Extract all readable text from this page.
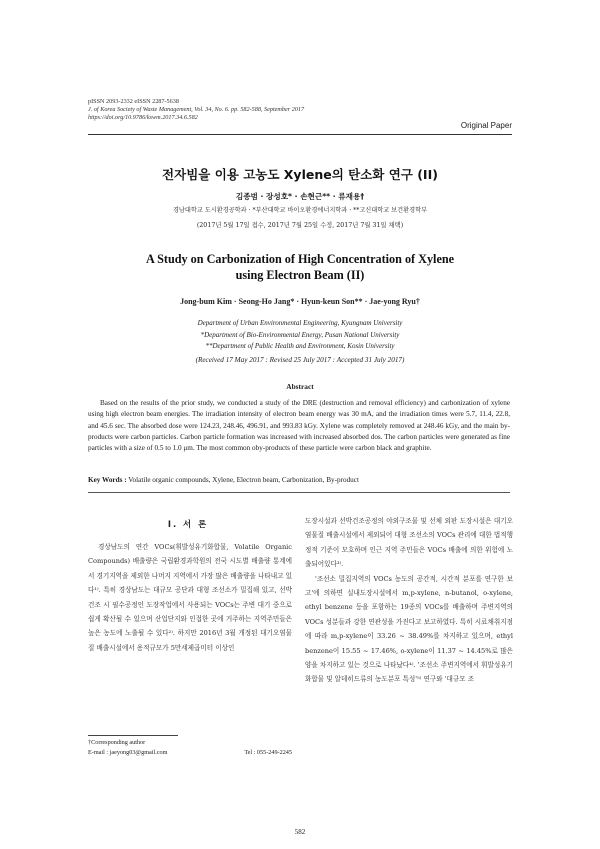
pISSN 2093-2332 eISSN 2287-5638
J. of Korea Society of Waste Management, Vol. 34, No. 6. pp. 582-588, September 2017
https://doi.org/10.9786/kswm.2017.34.6.582
Original Paper
전자빔을 이용 고농도 Xylene의 탄소화 연구 (II)
김종범 · 장성호* · 손현근** · 류재용†
경남대학교 도시환경공학과 · *부산대학교 바이오환경에너지학과 · **고신대학교 보건환경학부
(2017년 5월 17일 접수, 2017년 7월 25일 수정, 2017년 7월 31일 채택)
A Study on Carbonization of High Concentration of Xylene
using Electron Beam (II)
Jong-bum Kim · Seong-Ho Jang* · Hyun-keun Son** · Jae-yong Ryu†
Department of Urban Environmental Engineering, Kyungnam University
*Department of Bio-Environmental Energy, Pusan National University
**Department of Public Health and Environment, Kosin University
(Received 17 May 2017 : Revised 25 July 2017 : Accepted 31 July 2017)
Abstract
Based on the results of the prior study, we conducted a study of the DRE (destruction and removal efficiency) and carbonization of xylene using high electron beam energies. The irradiation intensity of electron beam energy was 30 mA, and the irradiation times were 5.7, 11.4, 22.8, and 45.6 sec. The absorbed dose were 124.23, 248.46, 496.91, and 993.83 kGy. Xylene was completely removed at 248.46 kGy, and the main by-products were carbon particles. Carbon particle formation was increased with increased absorbed dos. The carbon particles were generated as fine particles with a size of 0.5 to 1.0 μm. The most common oby-products of these particle were carbon black and graphite.
Key Words : Volatile organic compounds, Xylene, Electron beam, Carbonization, By-product
I. 서 론

경상남도의 연간 VOCs(휘발성유기화합물, Volatile Organic Compounds) 배출량은 국립환경과학원의 전국 시도별 배출량 통계에서 경기지역을 제외한 나머지 지역에서 가장 많은 배출량을 나타내고 있다¹⁾. 특히 경상남도는 대규모 공단과 대형 조선소가 밀집해 있고, 선박건조 시 필수공정인 도장작업에서 사용되는 VOCs는 주변 대기 중으로 쉽게 확산될 수 있으며 산업단지와 인접한 곳에 거주하는 지역주민들은 높은 농도에 노출될 수 있다²⁾. 하지만 2016년 3월 개정된 대기오염물질 배출시설에서 용적규모가 5만세제곱미터 이상인

도장시설과 선박건조공정의 야외구조물 및 선체 외판 도장시설은 대기오염물질 배출시설에서 제외되어 대형 조선소의 VOCs 관리에 대한 법적행정적 기준이 모호하며 인근 지역 주민들은 VOCs 배출에 의한 위험에 노출되어있다³⁾.

'조선소 밀집지역의 VOCs 농도의 공간적, 시간적 분포를 연구한 보고'에 의하면 실내도장시설에서 m,p-xylene, n-butanol, o-xylene, ethyl benzene 등을 포함하는 19종의 VOCs를 배출하며 주변지역의 VOCs 성분들과 강한 연관성을 가진다고 보고하였다. 특히 시료채취지점에 따라 m,p-xylene이 33.26 ~ 38.49%를 차지하고 있으며, ethyl benzene이 15.55 ~ 17.46%, o-xylene이 11.37 ~ 14.45%로 많은 양을 차지하고 있는 것으로 나타났다⁴⁾. '조선소 주변지역에서 휘발성유기화합물 및 알데히드류의 농도분포 특성'⁵⁾ 연구와 '대규모 조

†Corresponding author
E-mail : jaeyong03@gmail.com	Tel : 055-249-2245
582
